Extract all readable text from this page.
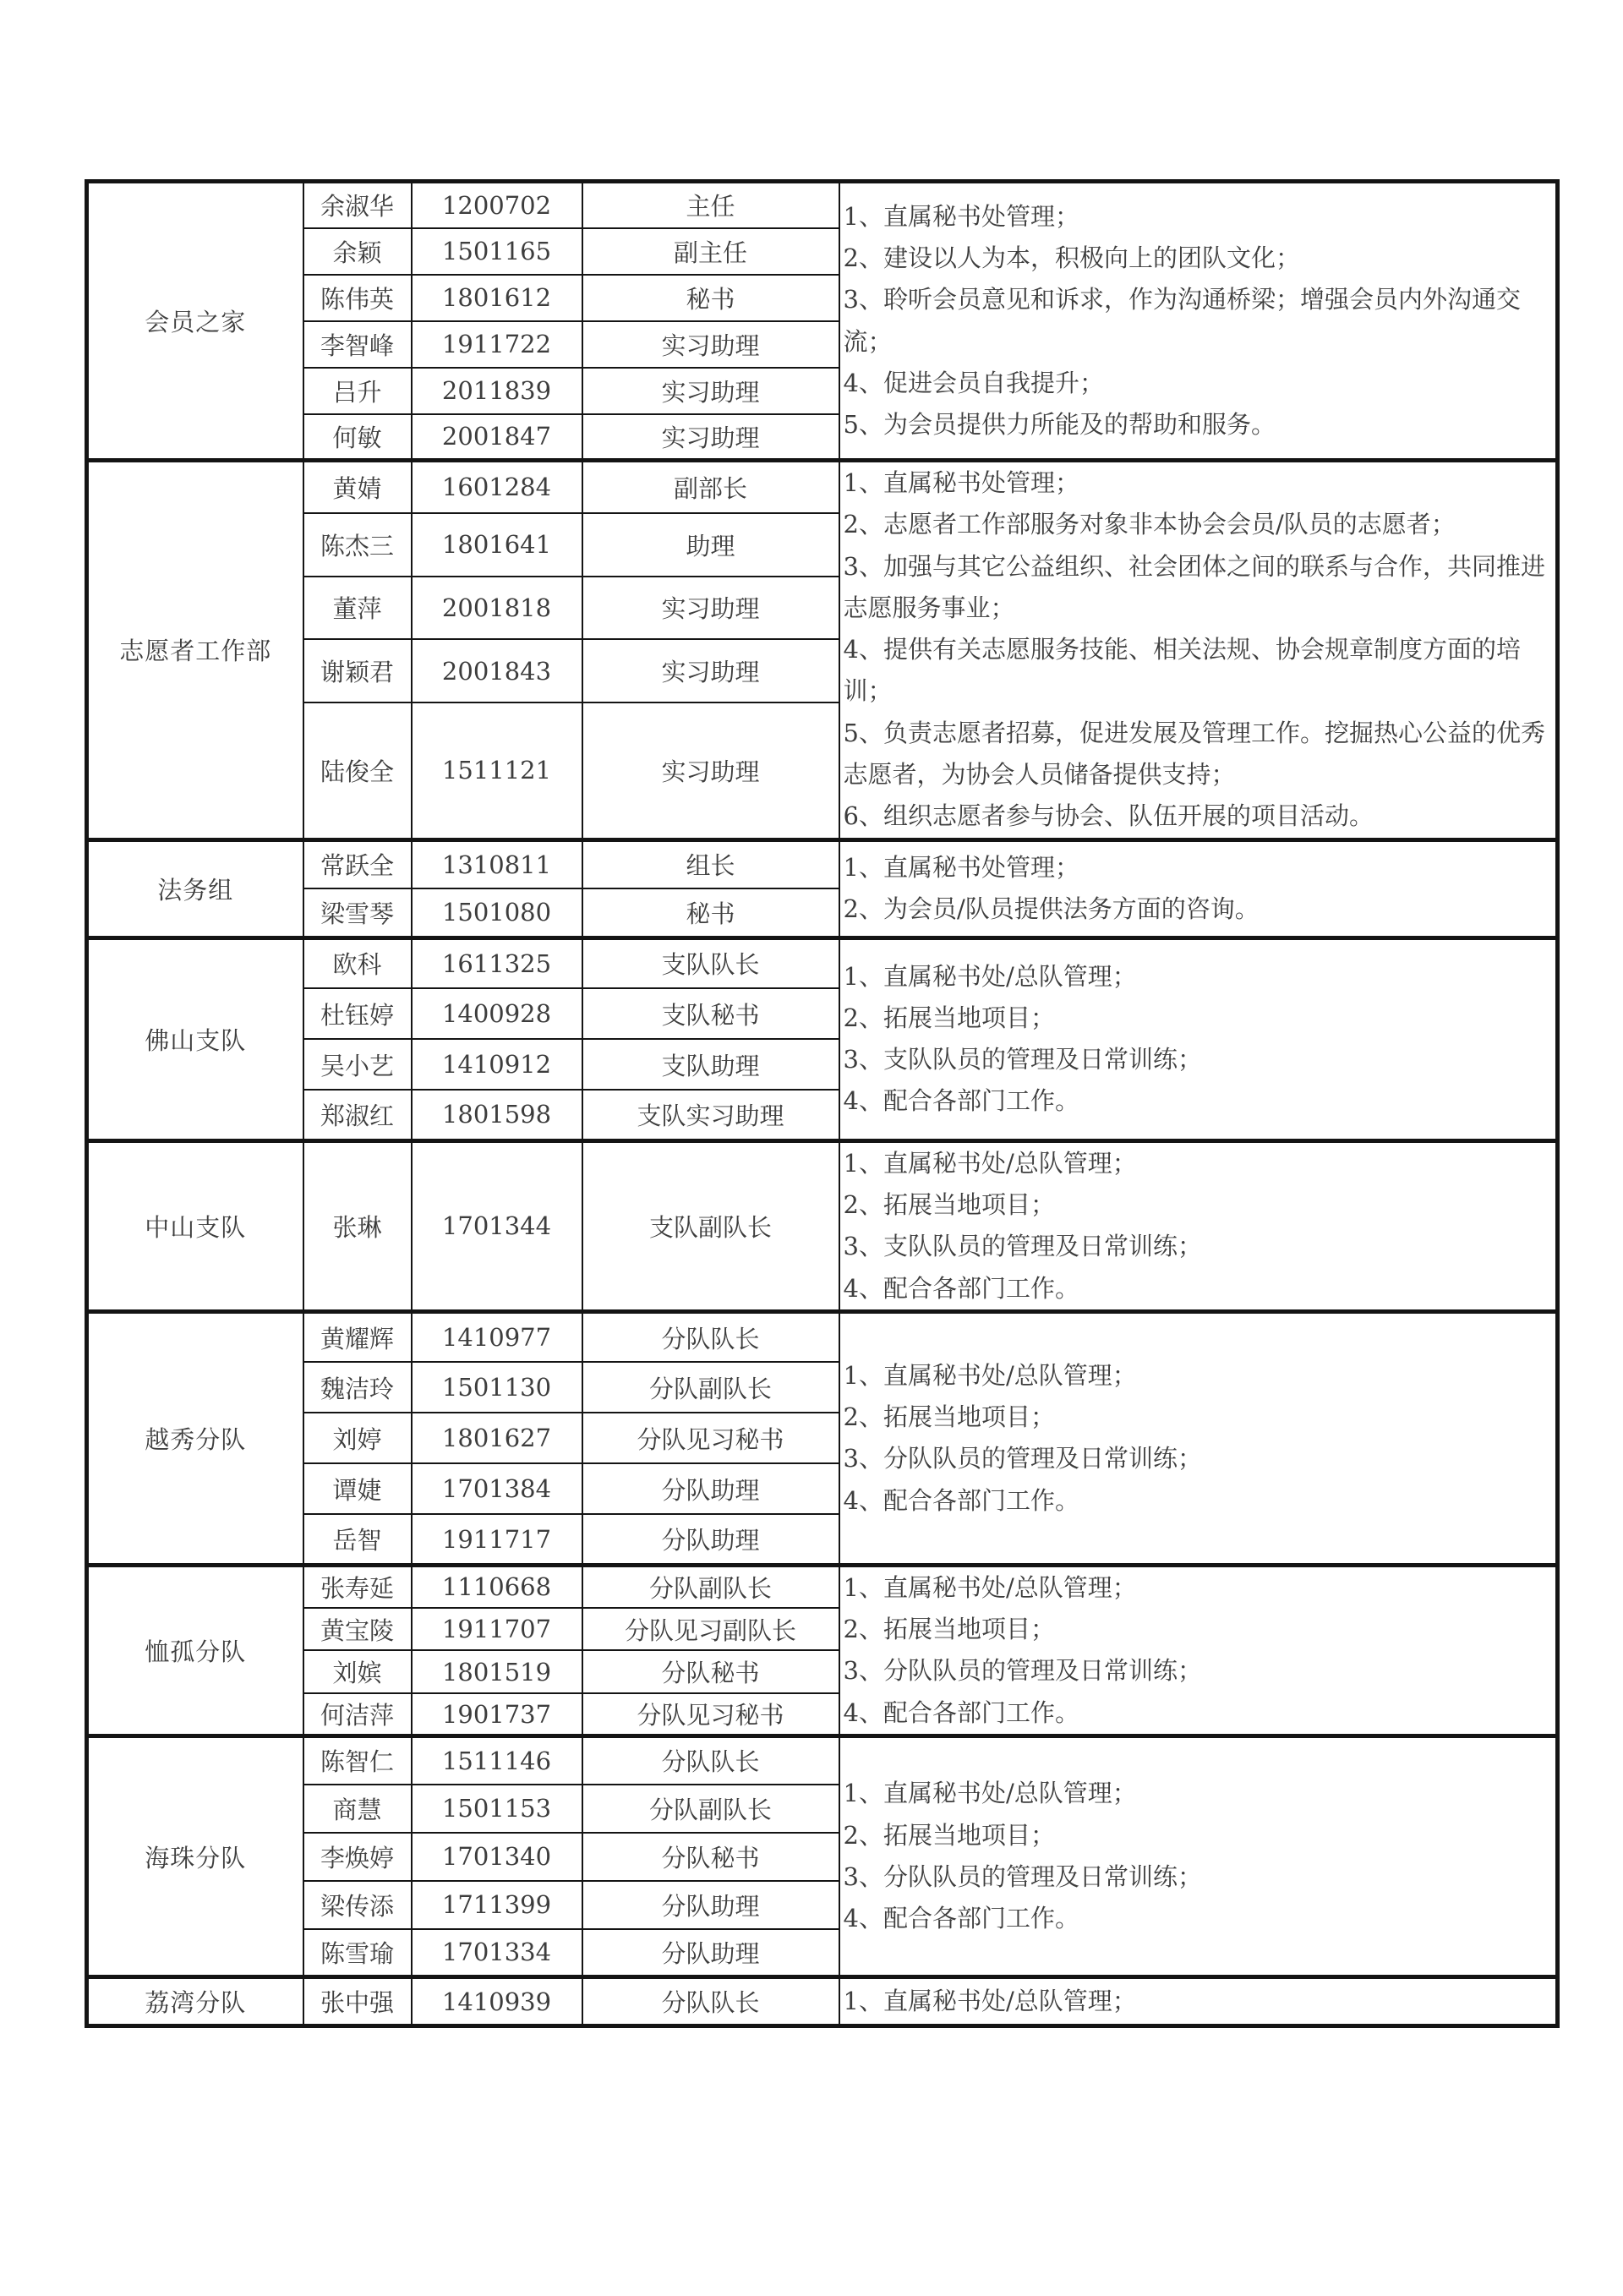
会员之家	余淑华	1200702	主任	1、直属秘书处管理；
2、建设以人为本，积极向上的团队文化；
3、聆听会员意见和诉求，作为沟通桥梁；增强会员内外沟通交流；
4、促进会员自我提升；
5、为会员提供力所能及的帮助和服务。

	余颖	1501165	副主任	
	陈伟英	1801612	秘书	
	李智峰	1911722	实习助理	
	吕升	2011839	实习助理	
	何敏	2001847	实习助理	
志愿者工作部	黄婧	1601284	副部长	1、直属秘书处管理；
2、志愿者工作部服务对象非本协会会员/队员的志愿者；
3、加强与其它公益组织、社会团体之间的联系与合作，共同推进志愿服务事业；
4、提供有关志愿服务技能、相关法规、协会规章制度方面的培训；
5、负责志愿者招募，促进发展及管理工作。挖掘热心公益的优秀志愿者，为协会人员储备提供支持；
6、组织志愿者参与协会、队伍开展的项目活动。

	陈杰三	1801641	助理	
	董萍	2001818	实习助理	
	谢颖君	2001843	实习助理	
	陆俊全	1511121	实习助理	
法务组	常跃全	1310811	组长	1、直属秘书处管理；
2、为会员/队员提供法务方面的咨询。

	梁雪琴	1501080	秘书	
佛山支队	欧科	1611325	支队队长	1、直属秘书处/总队管理；
2、拓展当地项目；
3、支队队员的管理及日常训练；
4、配合各部门工作。

	杜钰婷	1400928	支队秘书	
	吴小艺	1410912	支队助理	
	郑淑红	1801598	支队实习助理	
中山支队	张琳	1701344	支队副队长	1、直属秘书处/总队管理；
2、拓展当地项目；
3、支队队员的管理及日常训练；
4、配合各部门工作。

越秀分队	黄耀辉	1410977	分队队长	1、直属秘书处/总队管理；
2、拓展当地项目；
3、分队队员的管理及日常训练；
4、配合各部门工作。

	魏洁玲	1501130	分队副队长	
	刘婷	1801627	分队见习秘书	
	谭婕	1701384	分队助理	
	岳智	1911717	分队助理	
恤孤分队	张寿延	1110668	分队副队长	1、直属秘书处/总队管理；
2、拓展当地项目；
3、分队队员的管理及日常训练；
4、配合各部门工作。

	黄宝陵	1911707	分队见习副队长	
	刘嫔	1801519	分队秘书	
	何洁萍	1901737	分队见习秘书	
海珠分队	陈智仁	1511146	分队队长	1、直属秘书处/总队管理；
2、拓展当地项目；
3、分队队员的管理及日常训练；
4、配合各部门工作。

	商慧	1501153	分队副队长	
	李焕婷	1701340	分队秘书	
	梁传添	1711399	分队助理	
	陈雪瑜	1701334	分队助理	
荔湾分队	张中强	1410939	分队队长	1、直属秘书处/总队管理；
